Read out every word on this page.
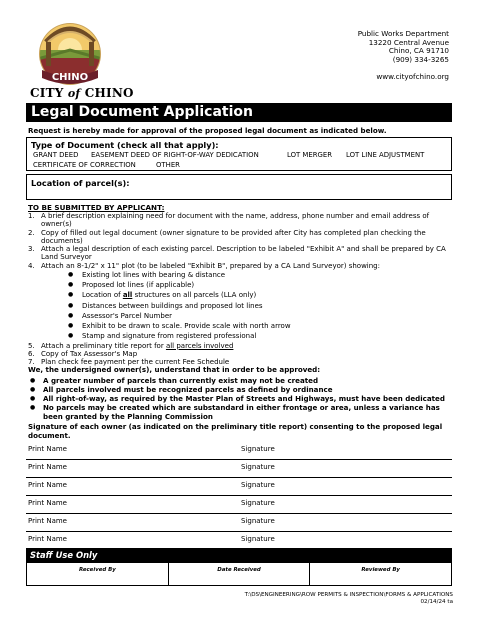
CHINO
CITY of CHINO
Public Works Department
13220 Central Avenue
Chino, CA 91710
(909) 334-3265
www.cityofchino.org
Legal Document Application
Request is hereby made for approval of the proposed legal document as indicated below.
Type of Document (check all that apply):
GRANT DEED	EASEMENT DEED OF RIGHT-OF-WAY DEDICATION	LOT MERGER	LOT LINE ADJUSTMENT
CERTIFICATE OF CORRECTION	OTHER
Location of parcel(s):
TO BE SUBMITTED BY APPLICANT:
1. A brief description explaining need for document with the name, address, phone number and email address of owner(s)
2. Copy of filled out legal document (owner signature to be provided after City has completed plan checking the documents)
3. Attach a legal description of each existing parcel. Description to be labeled "Exhibit A" and shall be prepared by CA Land Surveyor
4. Attach an 8-1/2" x 11" plot (to be labeled "Exhibit B", prepared by a CA Land Surveyor) showing:
●	Existing lot lines with bearing & distance
●	Proposed lot lines (if applicable)
●	Location of all structures on all parcels (LLA only)
●	Distances between buildings and proposed lot lines
●	Assessor's Parcel Number
●	Exhibit to be drawn to scale. Provide scale with north arrow
●	Stamp and signature from registered professional
5. Attach a preliminary title report for all parcels involved
6. Copy of Tax Assessor's Map
7. Plan check fee payment per the current Fee Schedule
We, the undersigned owner(s), understand that in order to be approved:
●	A greater number of parcels than currently exist may not be created
●	All parcels involved must be recognized parcels as defined by ordinance
●	All right-of-way, as required by the Master Plan of Streets and Highways, must have been dedicated
●	No parcels may be created which are substandard in either frontage or area, unless a variance has been granted by the Planning Commission
Signature of each owner (as indicated on the preliminary title report) consenting to the proposed legal document.
Print Name	Signature
Print Name	Signature
Print Name	Signature
Print Name	Signature
Print Name	Signature
Print Name	Signature
Staff Use Only
Received By	Date Received	Reviewed By
T:\DS\ENGINEERING\ROW PERMITS & INSPECTION\FORMS & APPLICATIONS
02/14/24 ta
